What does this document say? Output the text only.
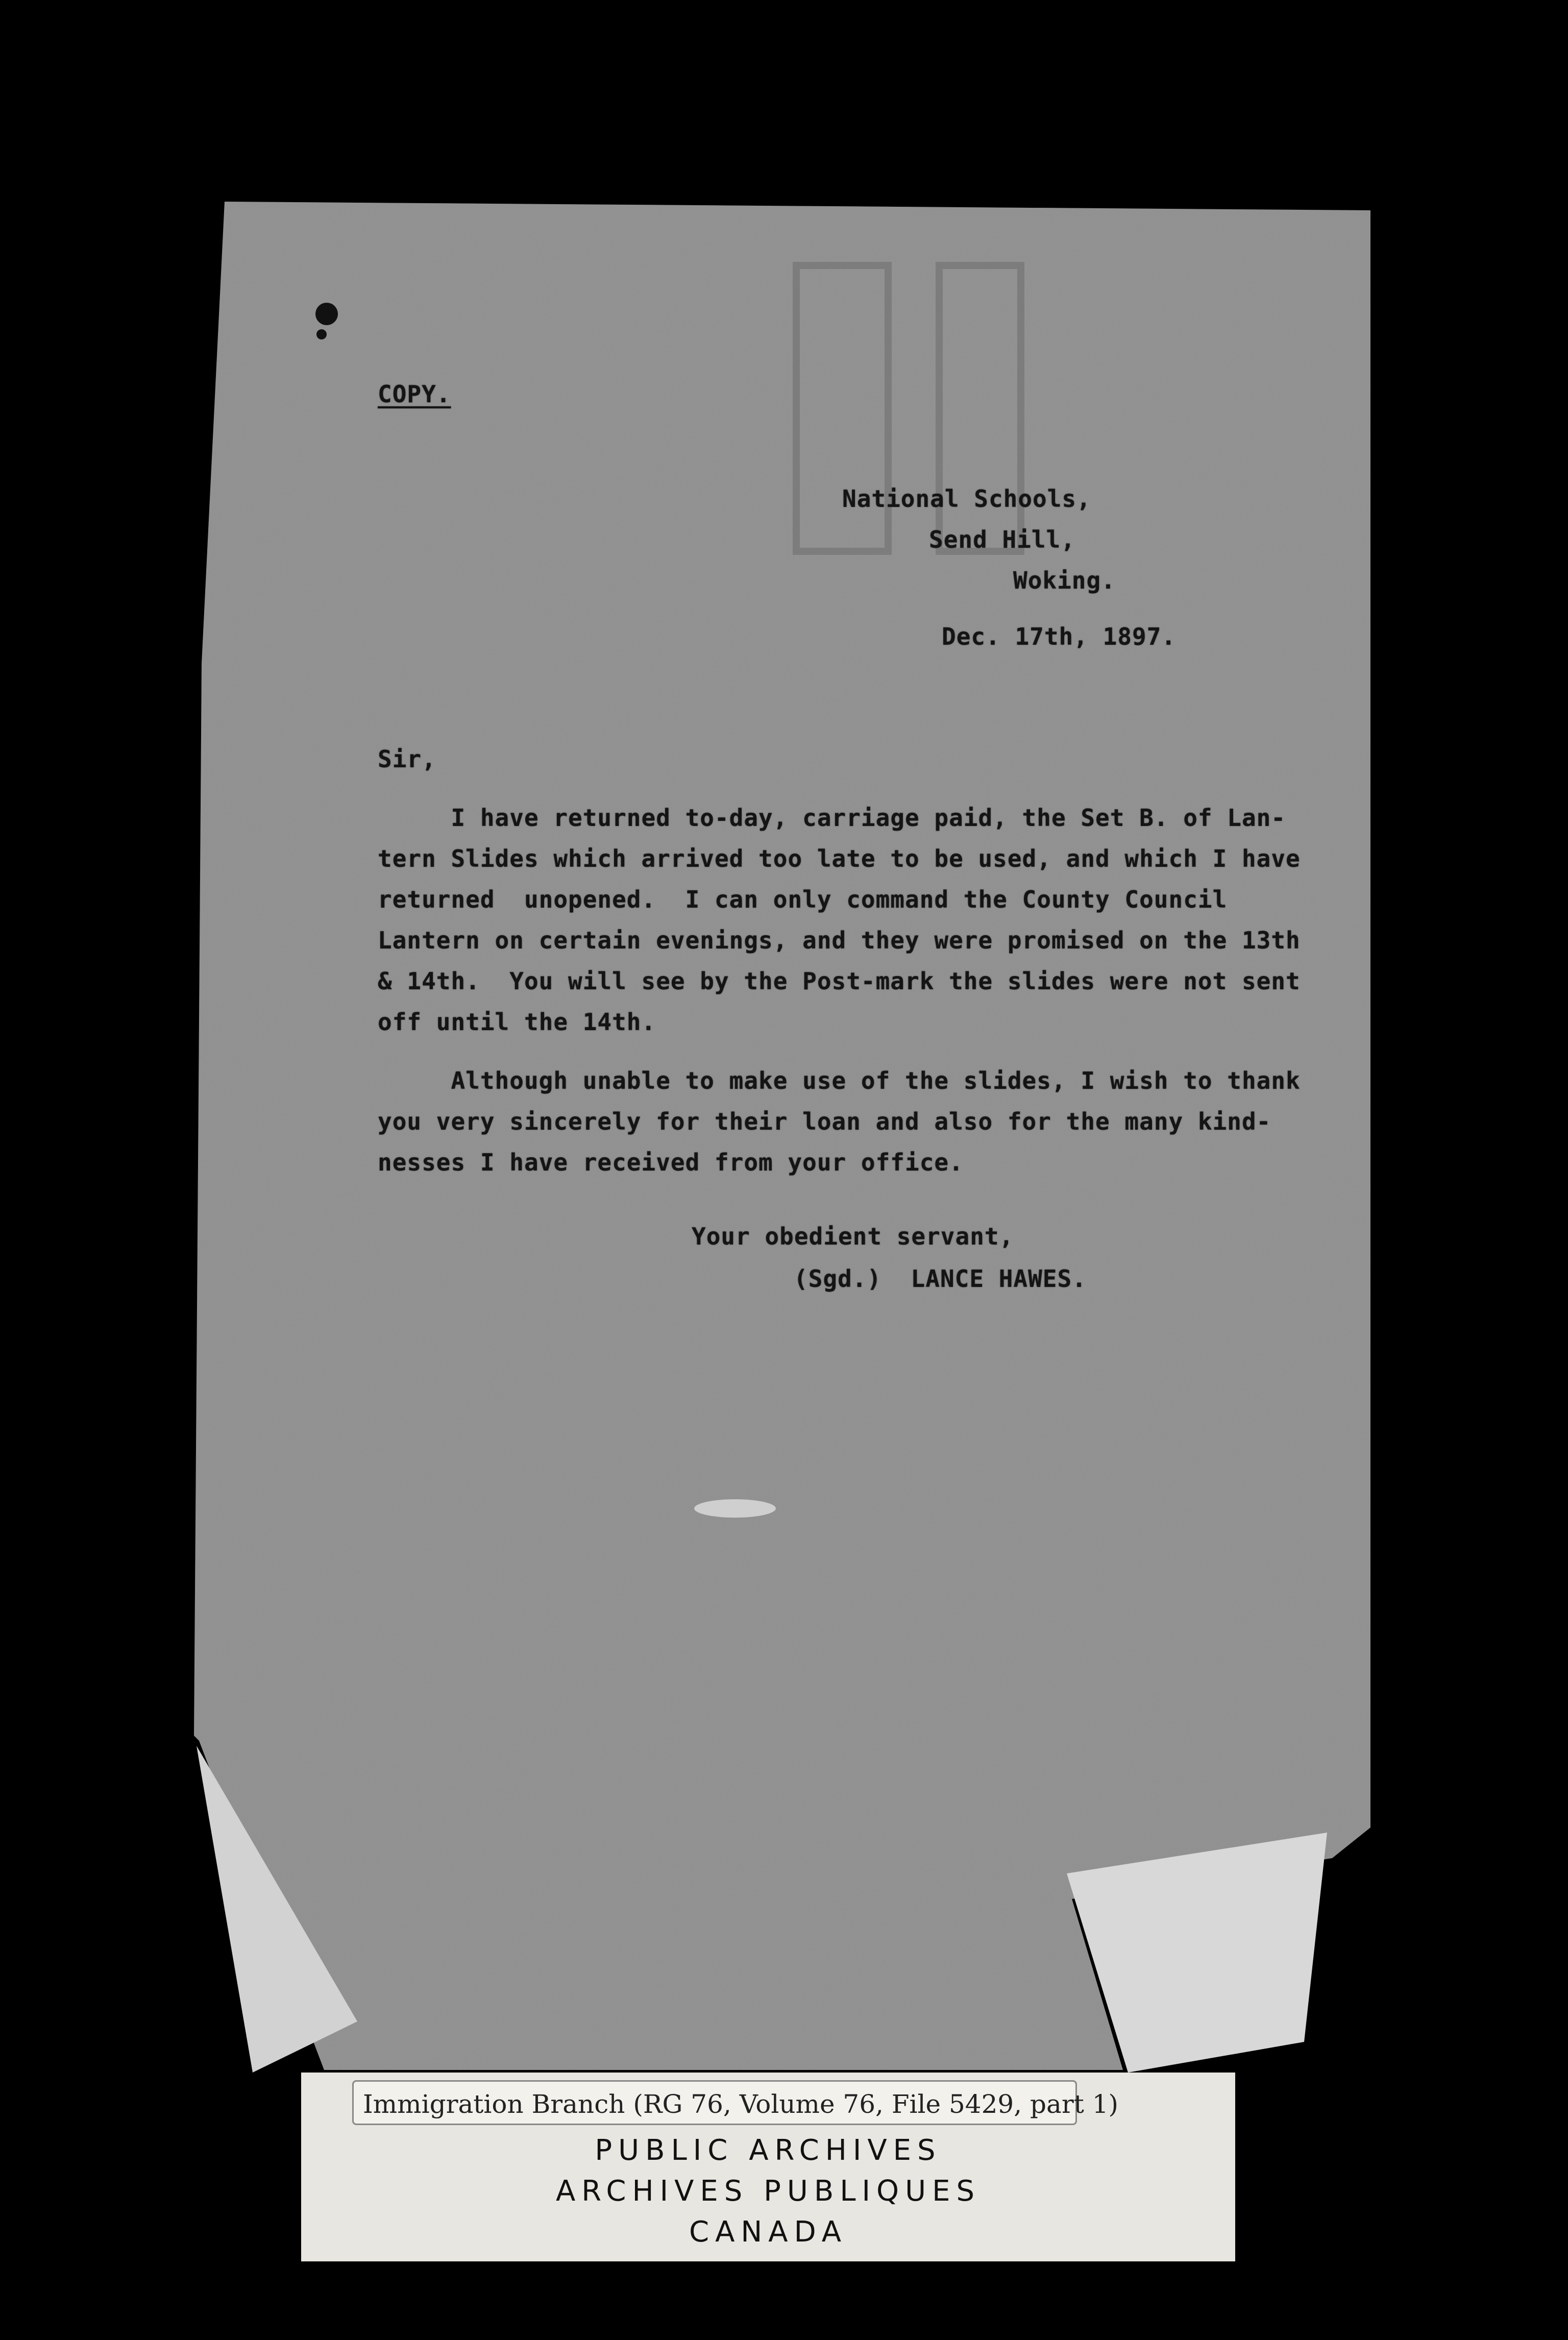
COPY.
National Schools,
Send Hill,
Woking.
Dec. 17th, 1897.
Sir,
I have returned to-day, carriage paid, the Set B. of Lan-
tern Slides which arrived too late to be used, and which I have
returned  unopened.  I can only command the County Council
Lantern on certain evenings, and they were promised on the 13th
& 14th.  You will see by the Post-mark the slides were not sent
off until the 14th.
Although unable to make use of the slides, I wish to thank
you very sincerely for their loan and also for the many kind-
nesses I have received from your office.
Your obedient servant,
(Sgd.)  LANCE HAWES.
Immigration Branch (RG 76, Volume 76, File 5429, part 1)
PUBLIC ARCHIVES
ARCHIVES PUBLIQUES
CANADA
